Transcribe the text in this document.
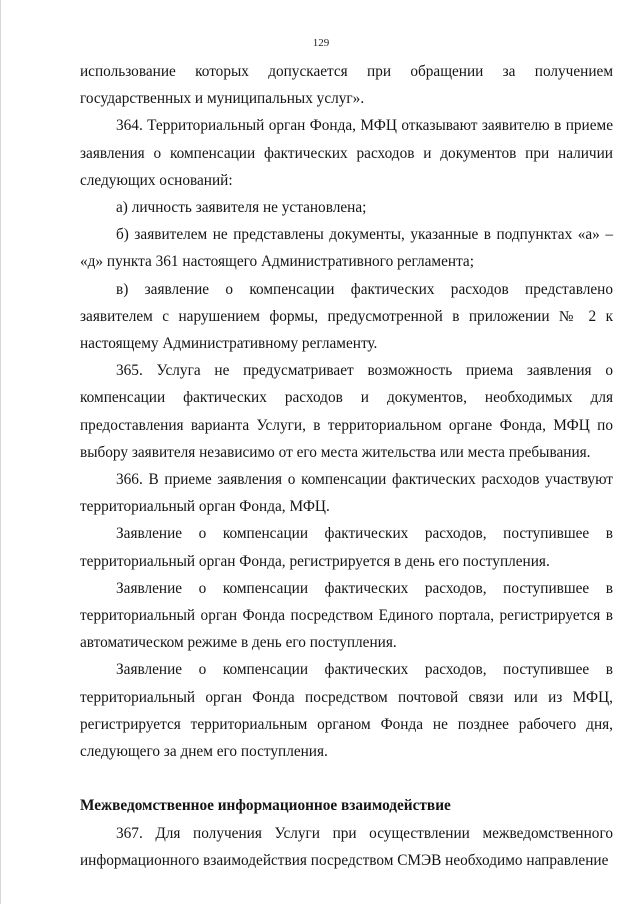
129

использование которых допускается при обращении за получением государственных и муниципальных услуг».

364. Территориальный орган Фонда, МФЦ отказывают заявителю в приеме заявления о компенсации фактических расходов и документов при наличии следующих оснований:

а) личность заявителя не установлена;

б) заявителем не представлены документы, указанные в подпунктах «а» – «д» пункта 361 настоящего Административного регламента;

в) заявление о компенсации фактических расходов представлено заявителем с нарушением формы, предусмотренной в приложении № 2 к настоящему Административному регламенту.

365. Услуга не предусматривает возможность приема заявления о компенсации фактических расходов и документов, необходимых для предоставления варианта Услуги, в территориальном органе Фонда, МФЦ по выбору заявителя независимо от его места жительства или места пребывания.

366. В приеме заявления о компенсации фактических расходов участвуют территориальный орган Фонда, МФЦ.

Заявление о компенсации фактических расходов, поступившее в территориальный орган Фонда, регистрируется в день его поступления.

Заявление о компенсации фактических расходов, поступившее в территориальный орган Фонда посредством Единого портала, регистрируется в автоматическом режиме в день его поступления.

Заявление о компенсации фактических расходов, поступившее в территориальный орган Фонда посредством почтовой связи или из МФЦ, регистрируется территориальным органом Фонда не позднее рабочего дня, следующего за днем его поступления.

Межведомственное информационное взаимодействие

367. Для получения Услуги при осуществлении межведомственного информационного взаимодействия посредством СМЭВ необходимо направление
